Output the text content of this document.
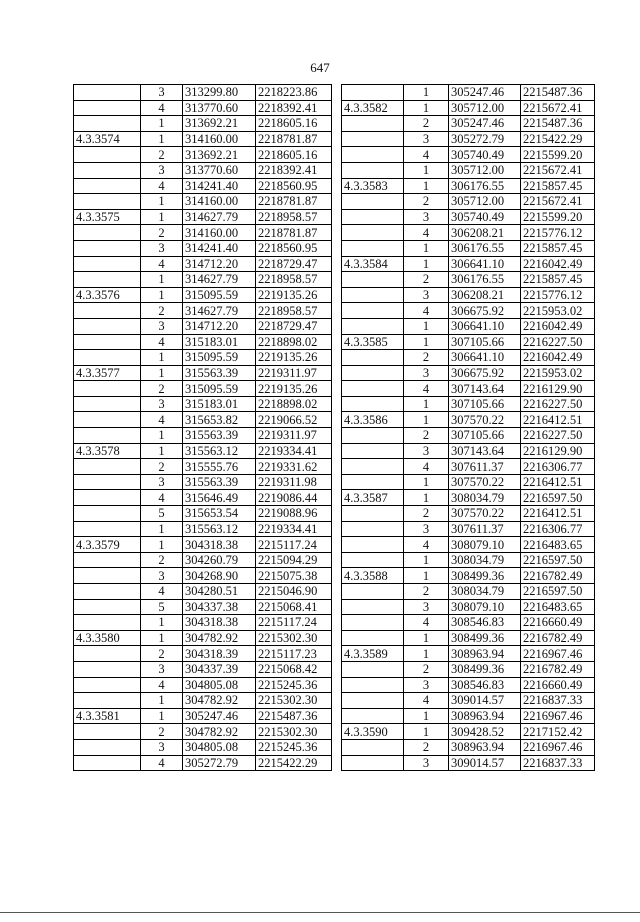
647
	3	313299.80	2218223.86
	4	313770.60	2218392.41
	1	313692.21	2218605.16
4.3.3574	1	314160.00	2218781.87
	2	313692.21	2218605.16
	3	313770.60	2218392.41
	4	314241.40	2218560.95
	1	314160.00	2218781.87
4.3.3575	1	314627.79	2218958.57
	2	314160.00	2218781.87
	3	314241.40	2218560.95
	4	314712.20	2218729.47
	1	314627.79	2218958.57
4.3.3576	1	315095.59	2219135.26
	2	314627.79	2218958.57
	3	314712.20	2218729.47
	4	315183.01	2218898.02
	1	315095.59	2219135.26
4.3.3577	1	315563.39	2219311.97
	2	315095.59	2219135.26
	3	315183.01	2218898.02
	4	315653.82	2219066.52
	1	315563.39	2219311.97
4.3.3578	1	315563.12	2219334.41
	2	315555.76	2219331.62
	3	315563.39	2219311.98
	4	315646.49	2219086.44
	5	315653.54	2219088.96
	1	315563.12	2219334.41
4.3.3579	1	304318.38	2215117.24
	2	304260.79	2215094.29
	3	304268.90	2215075.38
	4	304280.51	2215046.90
	5	304337.38	2215068.41
	1	304318.38	2215117.24
4.3.3580	1	304782.92	2215302.30
	2	304318.39	2215117.23
	3	304337.39	2215068.42
	4	304805.08	2215245.36
	1	304782.92	2215302.30
4.3.3581	1	305247.46	2215487.36
	2	304782.92	2215302.30
	3	304805.08	2215245.36
	4	305272.79	2215422.29
	1	305247.46	2215487.36
4.3.3582	1	305712.00	2215672.41
	2	305247.46	2215487.36
	3	305272.79	2215422.29
	4	305740.49	2215599.20
	1	305712.00	2215672.41
4.3.3583	1	306176.55	2215857.45
	2	305712.00	2215672.41
	3	305740.49	2215599.20
	4	306208.21	2215776.12
	1	306176.55	2215857.45
4.3.3584	1	306641.10	2216042.49
	2	306176.55	2215857.45
	3	306208.21	2215776.12
	4	306675.92	2215953.02
	1	306641.10	2216042.49
4.3.3585	1	307105.66	2216227.50
	2	306641.10	2216042.49
	3	306675.92	2215953.02
	4	307143.64	2216129.90
	1	307105.66	2216227.50
4.3.3586	1	307570.22	2216412.51
	2	307105.66	2216227.50
	3	307143.64	2216129.90
	4	307611.37	2216306.77
	1	307570.22	2216412.51
4.3.3587	1	308034.79	2216597.50
	2	307570.22	2216412.51
	3	307611.37	2216306.77
	4	308079.10	2216483.65
	1	308034.79	2216597.50
4.3.3588	1	308499.36	2216782.49
	2	308034.79	2216597.50
	3	308079.10	2216483.65
	4	308546.83	2216660.49
	1	308499.36	2216782.49
4.3.3589	1	308963.94	2216967.46
	2	308499.36	2216782.49
	3	308546.83	2216660.49
	4	309014.57	2216837.33
	1	308963.94	2216967.46
4.3.3590	1	309428.52	2217152.42
	2	308963.94	2216967.46
	3	309014.57	2216837.33
